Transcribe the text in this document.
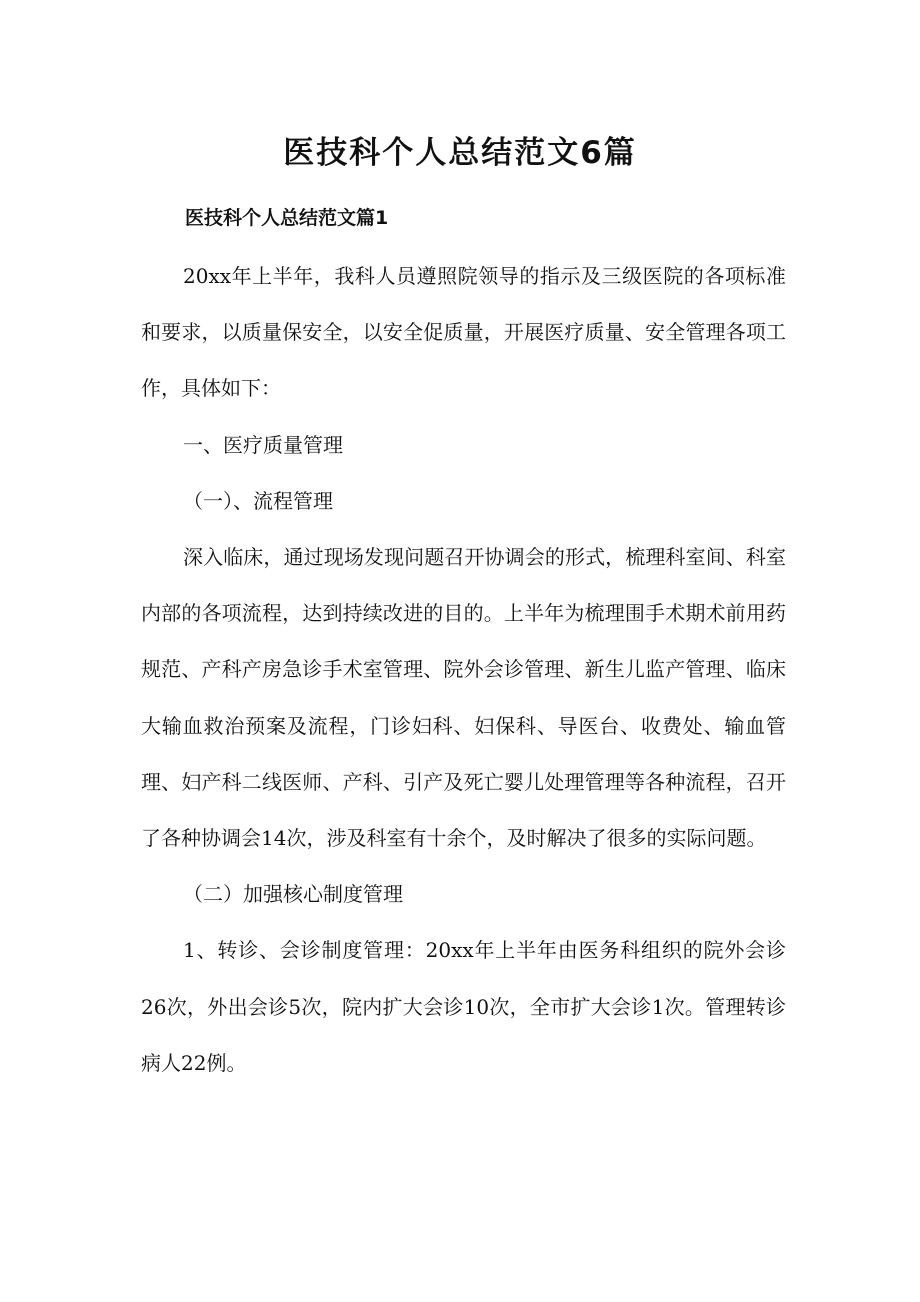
医技科个人总结范文6篇
医技科个人总结范文篇1

20xx年上半年，我科人员遵照院领导的指示及三级医院的各项标准和要求，以质量保安全，以安全促质量，开展医疗质量、安全管理各项工作，具体如下：

一、医疗质量管理

（一）、流程管理

深入临床，通过现场发现问题召开协调会的形式，梳理科室间、科室内部的各项流程，达到持续改进的目的。上半年为梳理围手术期术前用药规范、产科产房急诊手术室管理、院外会诊管理、新生儿监产管理、临床大输血救治预案及流程，门诊妇科、妇保科、导医台、收费处、输血管理、妇产科二线医师、产科、引产及死亡婴儿处理管理等各种流程，召开了各种协调会14次，涉及科室有十余个，及时解决了很多的实际问题。

（二）加强核心制度管理

1、转诊、会诊制度管理：20xx年上半年由医务科组织的院外会诊26次，外出会诊5次，院内扩大会诊10次，全市扩大会诊1次。管理转诊病人22例。
